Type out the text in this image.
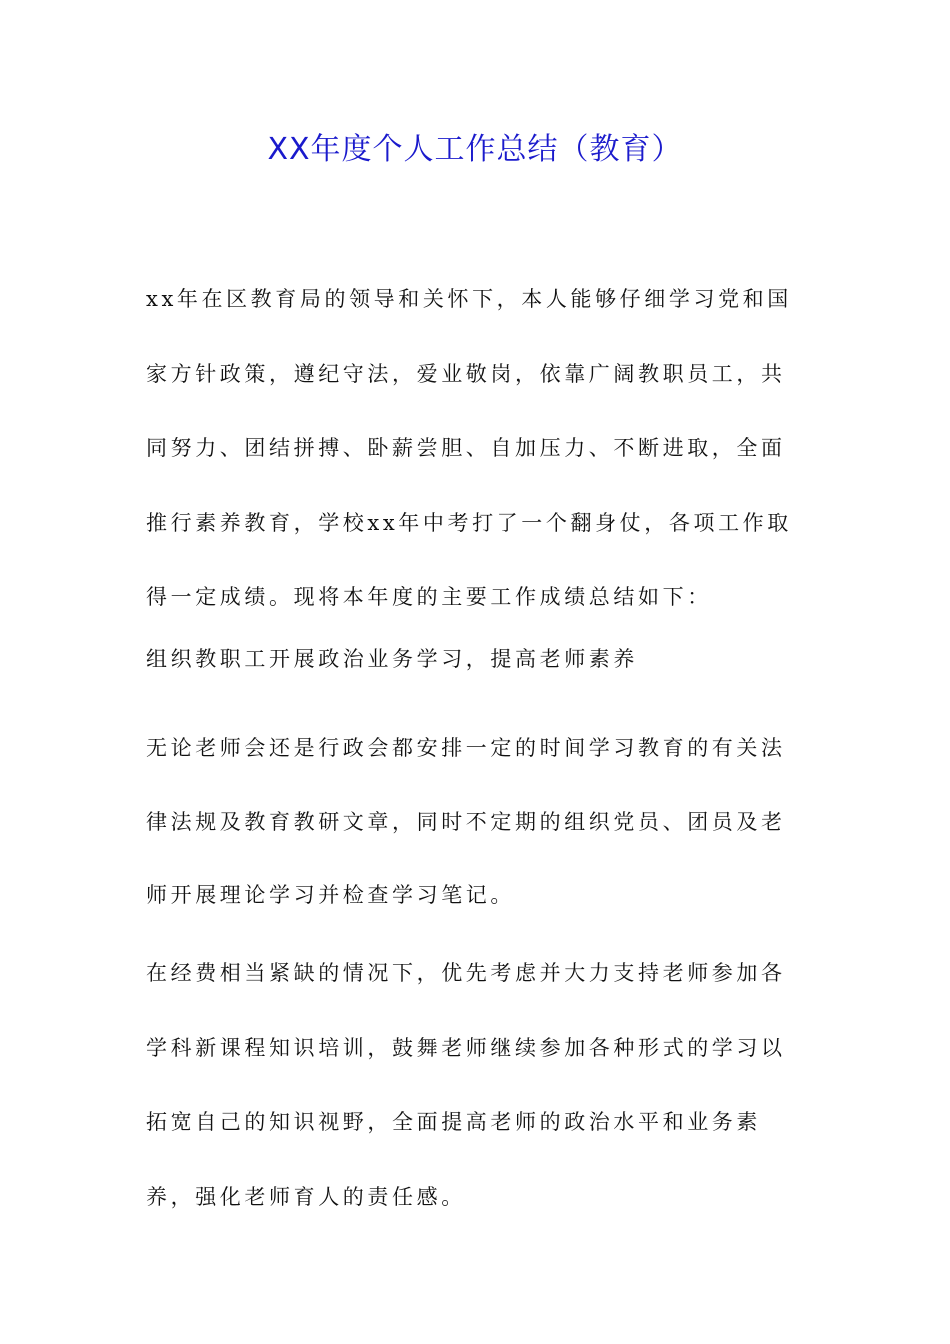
XX年度个人工作总结（教育）

xx年在区教育局的领导和关怀下，本人能够仔细学习党和国家方针政策，遵纪守法，爱业敬岗，依靠广阔教职员工，共同努力、团结拼搏、卧薪尝胆、自加压力、不断进取，全面推行素养教育，学校xx年中考打了一个翻身仗，各项工作取得一定成绩。现将本年度的主要工作成绩总结如下：

组织教职工开展政治业务学习，提高老师素养

无论老师会还是行政会都安排一定的时间学习教育的有关法律法规及教育教研文章，同时不定期的组织党员、团员及老师开展理论学习并检查学习笔记。

在经费相当紧缺的情况下，优先考虑并大力支持老师参加各学科新课程知识培训，鼓舞老师继续参加各种形式的学习以拓宽自己的知识视野，全面提高老师的政治水平和业务素养，强化老师育人的责任感。
